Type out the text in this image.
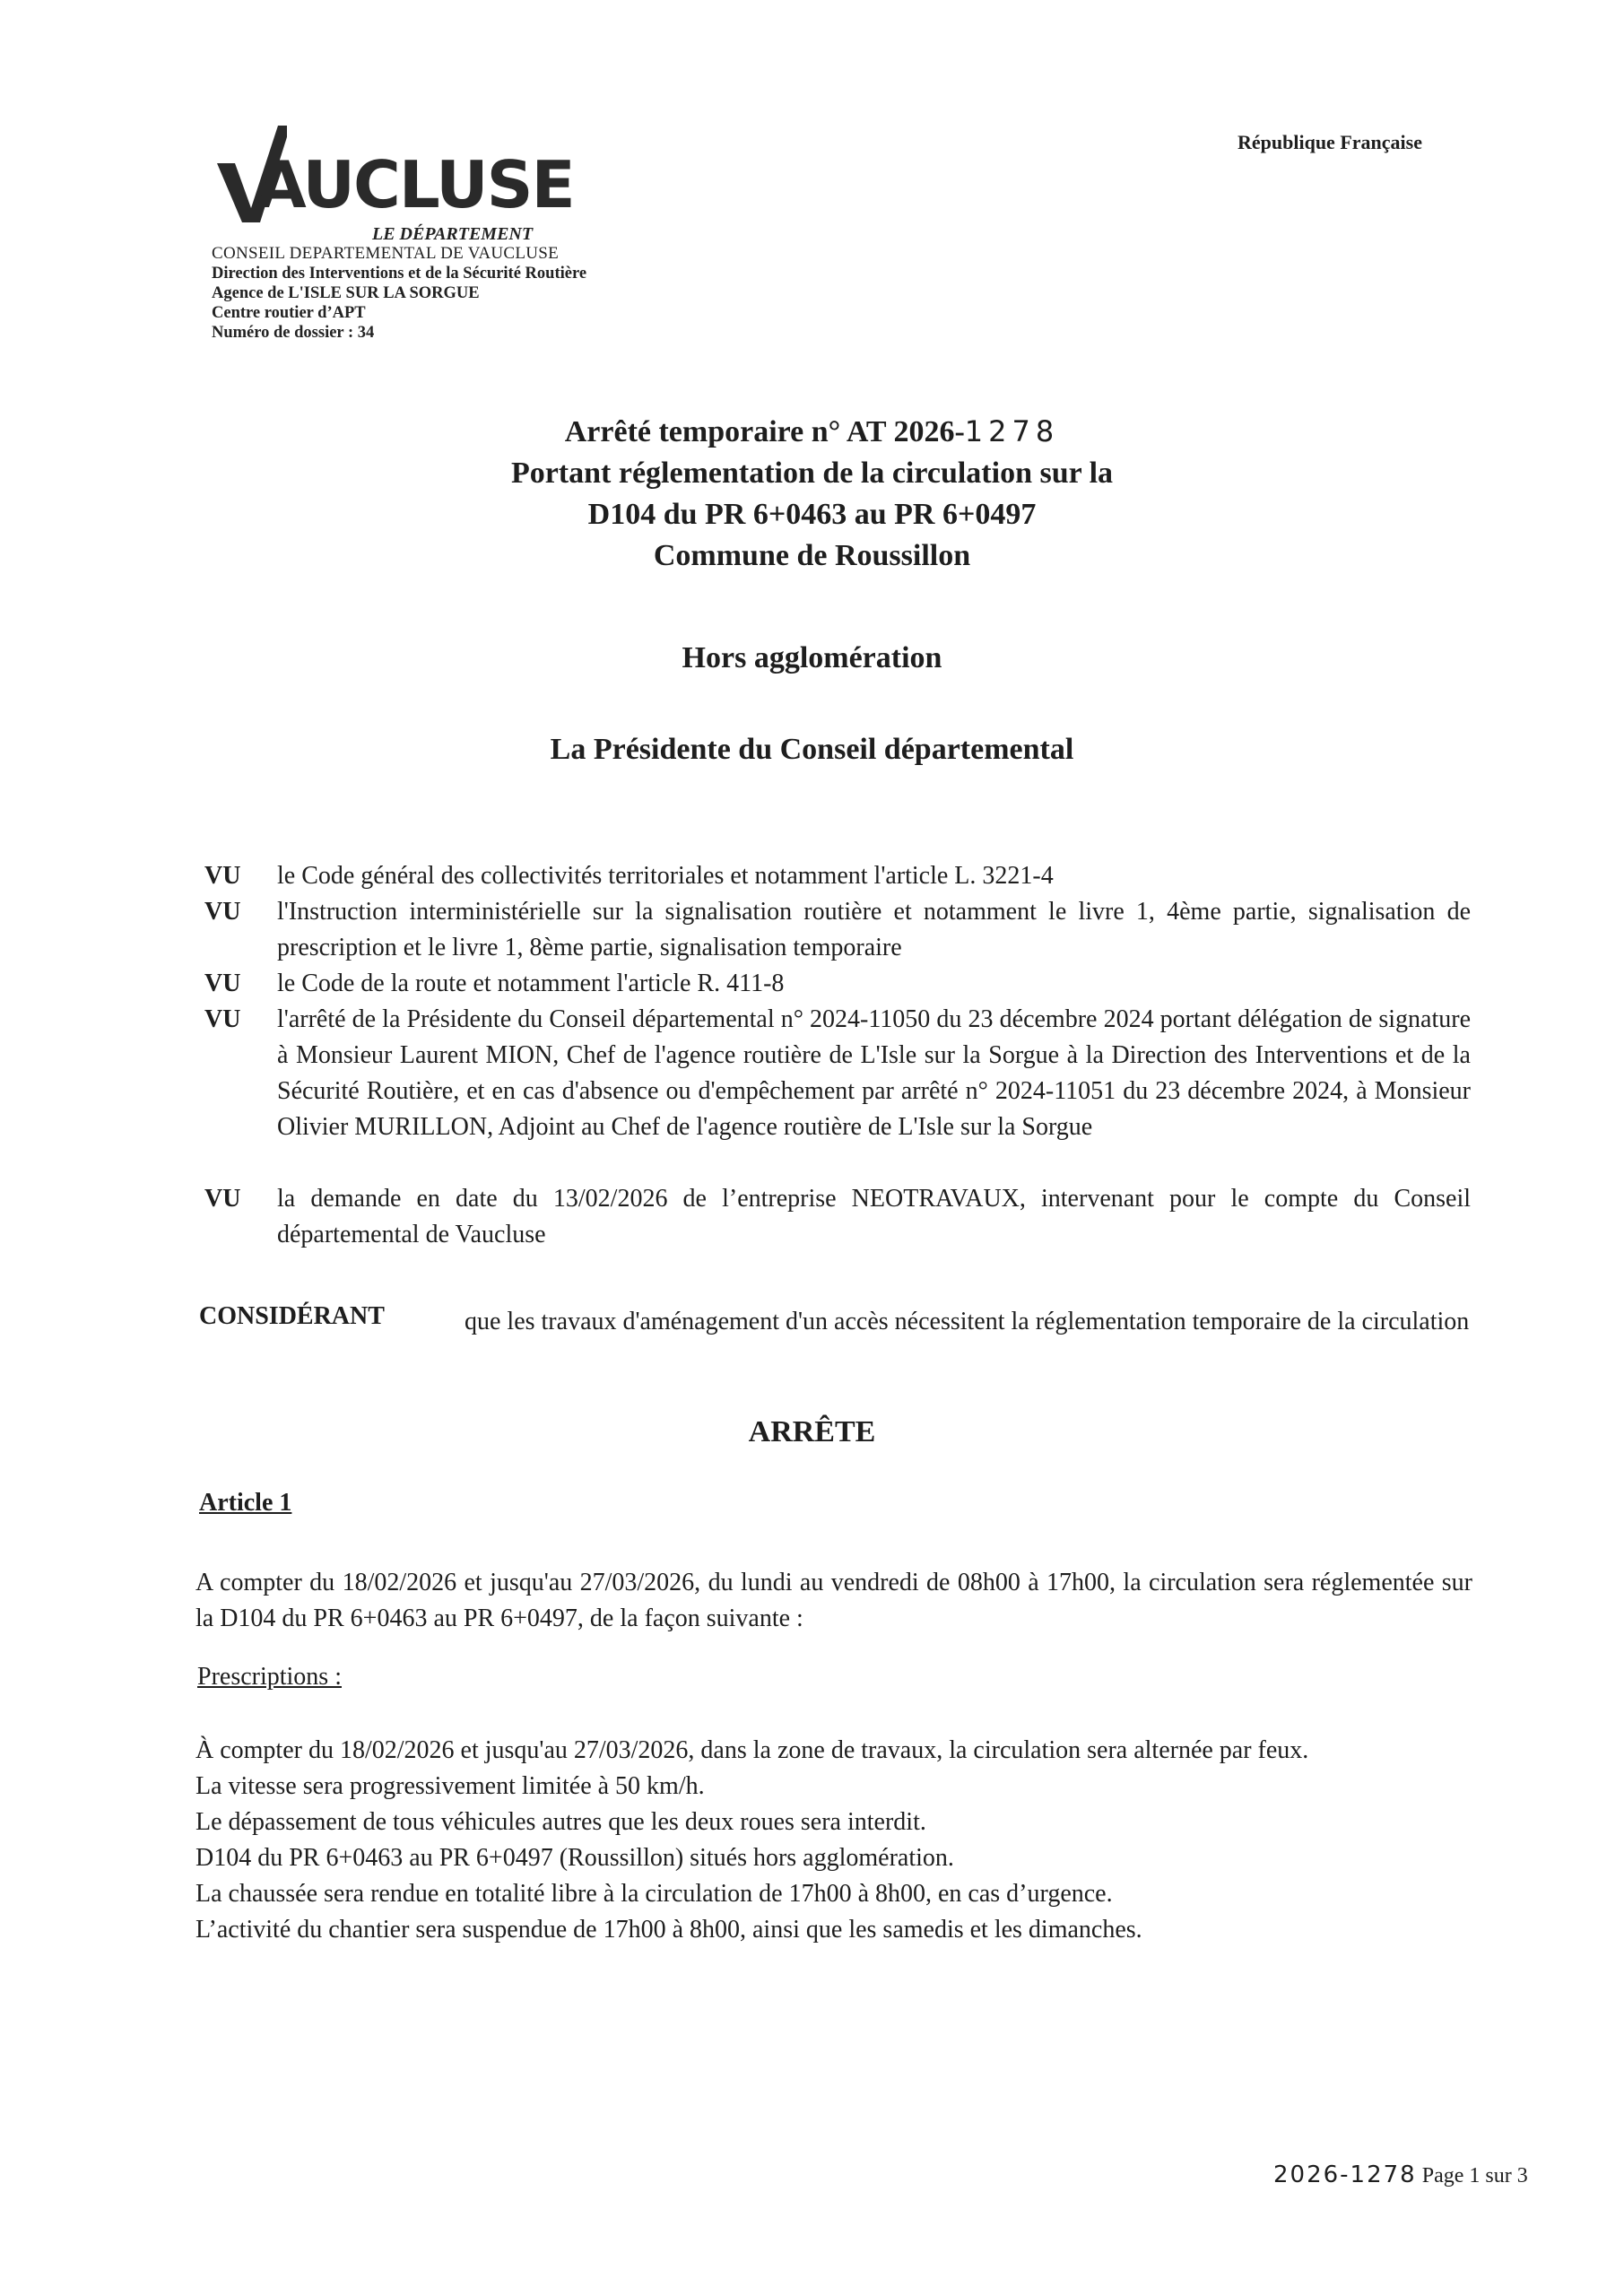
AUCLUSE
LE DÉPARTEMENT
CONSEIL DEPARTEMENTAL DE VAUCLUSE
Direction des Interventions et de la Sécurité Routière
Agence de L'ISLE SUR LA SORGUE
Centre routier d’APT
Numéro de dossier : 34
République Française
Arrêté temporaire n° AT 2026-1278
Portant réglementation de la circulation sur la
D104 du PR 6+0463 au PR 6+0497
Commune de Roussillon
Hors agglomération
La Présidente du Conseil départemental
VU	le Code général des collectivités territoriales et notamment l'article L. 3221-4
VU	l'Instruction interministérielle sur la signalisation routière et notamment le livre 1, 4ème partie, signalisation de prescription et le livre 1, 8ème partie, signalisation temporaire
VU	le Code de la route et notamment l'article R. 411-8
VU	l'arrêté de la Présidente du Conseil départemental n° 2024-11050 du 23 décembre 2024 portant délégation de signature à Monsieur Laurent MION, Chef de l'agence routière de L'Isle sur la Sorgue à la Direction des Interventions et de la Sécurité Routière, et en cas d'absence ou d'empêchement par arrêté n° 2024-11051 du 23 décembre 2024, à Monsieur Olivier MURILLON, Adjoint au Chef de l'agence routière de L'Isle sur la Sorgue
VU	la demande en date du 13/02/2026 de l’entreprise NEOTRAVAUX, intervenant pour le compte du Conseil départemental de Vaucluse
CONSIDÉRANT	que les travaux d'aménagement d'un accès nécessitent la réglementation temporaire de la circulation
ARRÊTE
Article 1
A compter du 18/02/2026 et jusqu'au 27/03/2026, du lundi au vendredi de 08h00 à 17h00, la circulation sera réglementée sur la D104 du PR 6+0463 au PR 6+0497, de la façon suivante :
Prescriptions :
À compter du 18/02/2026 et jusqu'au 27/03/2026, dans la zone de travaux, la circulation sera alternée par feux.
La vitesse sera progressivement limitée à 50 km/h.
Le dépassement de tous véhicules autres que les deux roues sera interdit.
D104 du PR 6+0463 au PR 6+0497 (Roussillon) situés hors agglomération.
La chaussée sera rendue en totalité libre à la circulation de 17h00 à 8h00, en cas d’urgence.
L’activité du chantier sera suspendue de 17h00 à 8h00, ainsi que les samedis et les dimanches.
2026-1278 Page 1 sur 3
